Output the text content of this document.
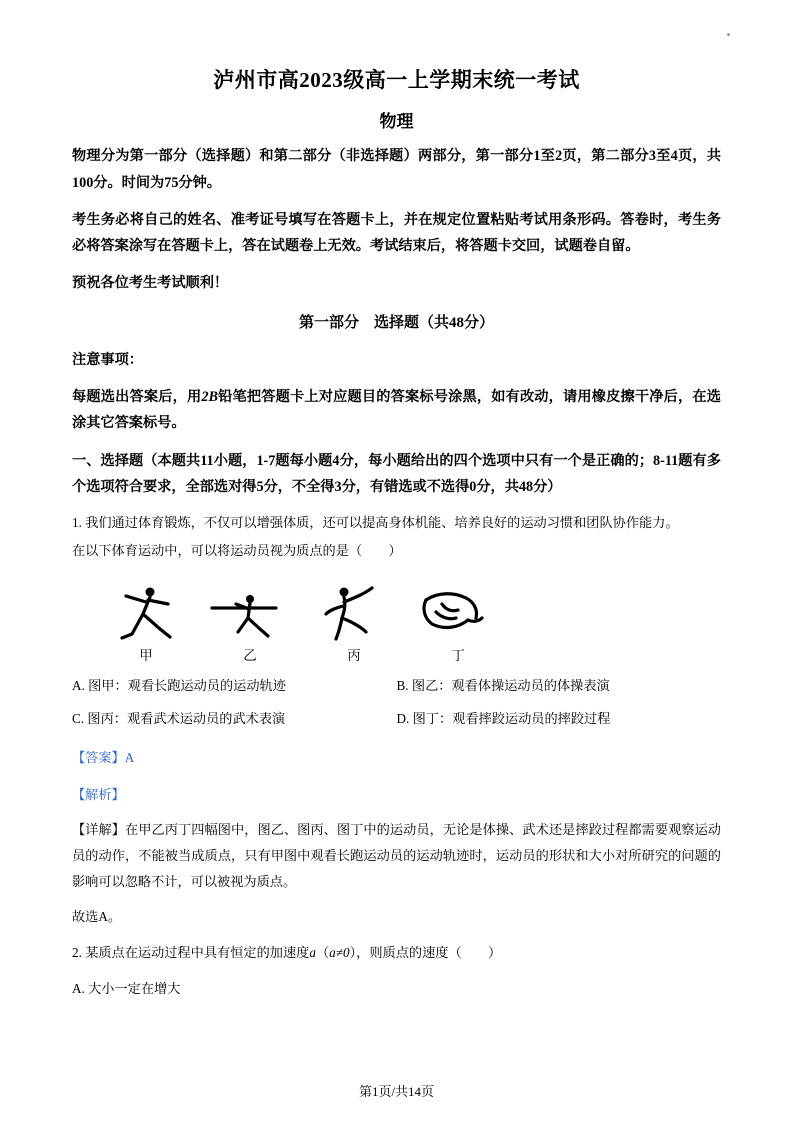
泸州市高2023级高一上学期末统一考试
物理

物理分为第一部分（选择题）和第二部分（非选择题）两部分，第一部分1至2页，第二部分3至4页，共100分。时间为75分钟。

考生务必将自己的姓名、准考证号填写在答题卡上，并在规定位置粘贴考试用条形码。答卷时，考生务必将答案涂写在答题卡上，答在试题卷上无效。考试结束后，将答题卡交回，试题卷自留。

预祝各位考生考试顺利！

第一部分　选择题（共48分）

注意事项：

每题选出答案后，用2B铅笔把答题卡上对应题目的答案标号涂黑，如有改动，请用橡皮擦干净后，在选涂其它答案标号。

一、选择题（本题共11小题，1-7题每小题4分，每小题给出的四个选项中只有一个是正确的；8-11题有多个选项符合要求，全部选对得5分，不全得3分，有错选或不选得0分，共48分）

1. 我们通过体育锻炼，不仅可以增强体质，还可以提高身体机能、培养良好的运动习惯和团队协作能力。

在以下体育运动中，可以将运动员视为质点的是（　　）

甲	乙	丙	丁
A. 图甲：观看长跑运动员的运动轨迹	B. 图乙：观看体操运动员的体操表演
C. 图丙：观看武术运动员的武术表演	D. 图丁：观看摔跤运动员的摔跤过程

【答案】A

【解析】

【详解】在甲乙丙丁四幅图中，图乙、图丙、图丁中的运动员，无论是体操、武术还是摔跤过程都需要观察运动员的动作，不能被当成质点，只有甲图中观看长跑运动员的运动轨迹时，运动员的形状和大小对所研究的问题的影响可以忽略不计，可以被视为质点。

故选A。

2. 某质点在运动过程中具有恒定的加速度a（a≠0），则质点的速度（　　）

A. 大小一定在增大

第1页/共14页
